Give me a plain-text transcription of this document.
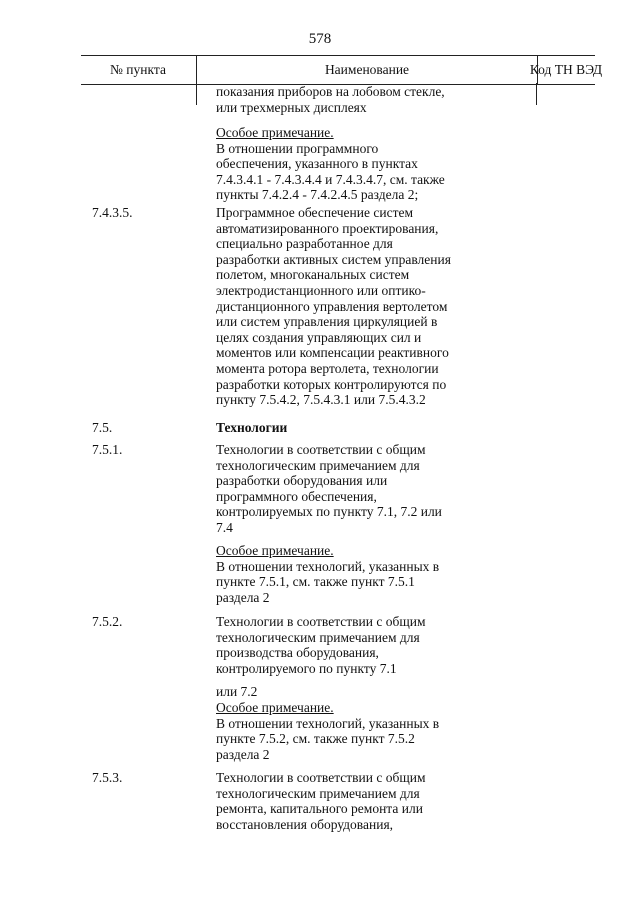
578
№ пункта	Наименование	Код ТН ВЭД
показания приборов на лобовом стекле,
или трехмерных дисплеях
Особое примечание.
В отношении программного
обеспечения, указанного в пунктах
7.4.3.4.1 - 7.4.3.4.4 и 7.4.3.4.7, см. также
пункты 7.4.2.4 - 7.4.2.4.5 раздела 2;
7.4.3.5.	Программное обеспечение систем
автоматизированного проектирования,
специально разработанное для
разработки активных систем управления
полетом, многоканальных систем
электродистанционного или оптико-
дистанционного управления вертолетом
или систем управления циркуляцией в
целях создания управляющих сил и
моментов или компенсации реактивного
момента ротора вертолета, технологии
разработки которых контролируются по
пункту 7.5.4.2, 7.5.4.3.1 или 7.5.4.3.2
7.5.	Технологии
7.5.1.	Технологии в соответствии с общим
технологическим примечанием для
разработки оборудования или
программного обеспечения,
контролируемых по пункту 7.1, 7.2 или
7.4
Особое примечание.
В отношении технологий, указанных в
пункте 7.5.1, см. также пункт 7.5.1
раздела 2
7.5.2.	Технологии в соответствии с общим
технологическим примечанием для
производства оборудования,
контролируемого по пункту 7.1
или 7.2
Особое примечание.
В отношении технологий, указанных в
пункте 7.5.2, см. также пункт 7.5.2
раздела 2
7.5.3.	Технологии в соответствии с общим
технологическим примечанием для
ремонта, капитального ремонта или
восстановления оборудования,
